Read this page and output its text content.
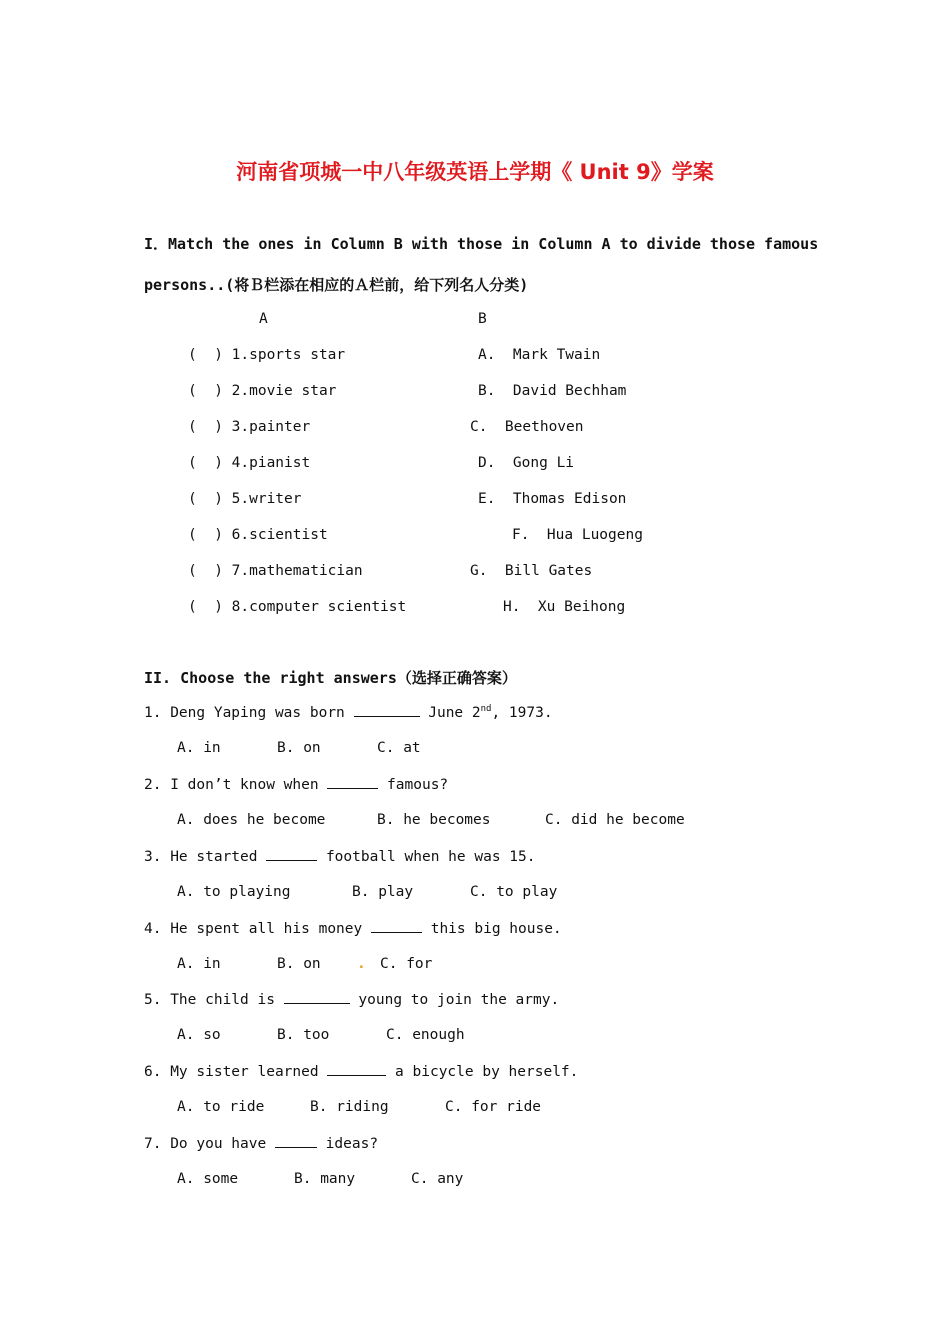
河南省项城一中八年级英语上学期《 Unit 9》学案
I．Match the ones in Column B with those in Column A to divide those famous
persons..(将Ｂ栏添在相应的Ａ栏前，给下列名人分类)
A	B
(  ) 1.sports star	A.  Mark Twain
(  ) 2.movie star	B.  David Bechham
(  ) 3.painter	C.  Beethoven
(  ) 4.pianist	D.  Gong Li
(  ) 5.writer	E.  Thomas Edison
(  ) 6.scientist	F.  Hua Luogeng
(  ) 7.mathematician	G.  Bill Gates
(  ) 8.computer scientist	H.  Xu Beihong
II. Choose the right answers（选择正确答案）
1. Deng Yaping was born	June 2nd, 1973.
A. in	B. on	C. at
2. I don’t know when	famous?
A. does he become	B. he becomes	C. did he become
3. He started	football when he was 15.
A. to playing	B. play	C. to play
4. He spent all his money	this big house.
A. in	B. on	. C. for
5. The child is	young to join the army.
A. so	B. too	C. enough
6. My sister learned	a bicycle by herself.
A. to ride	B. riding	C. for ride
7. Do you have	ideas?
A. some	B. many	C. any
